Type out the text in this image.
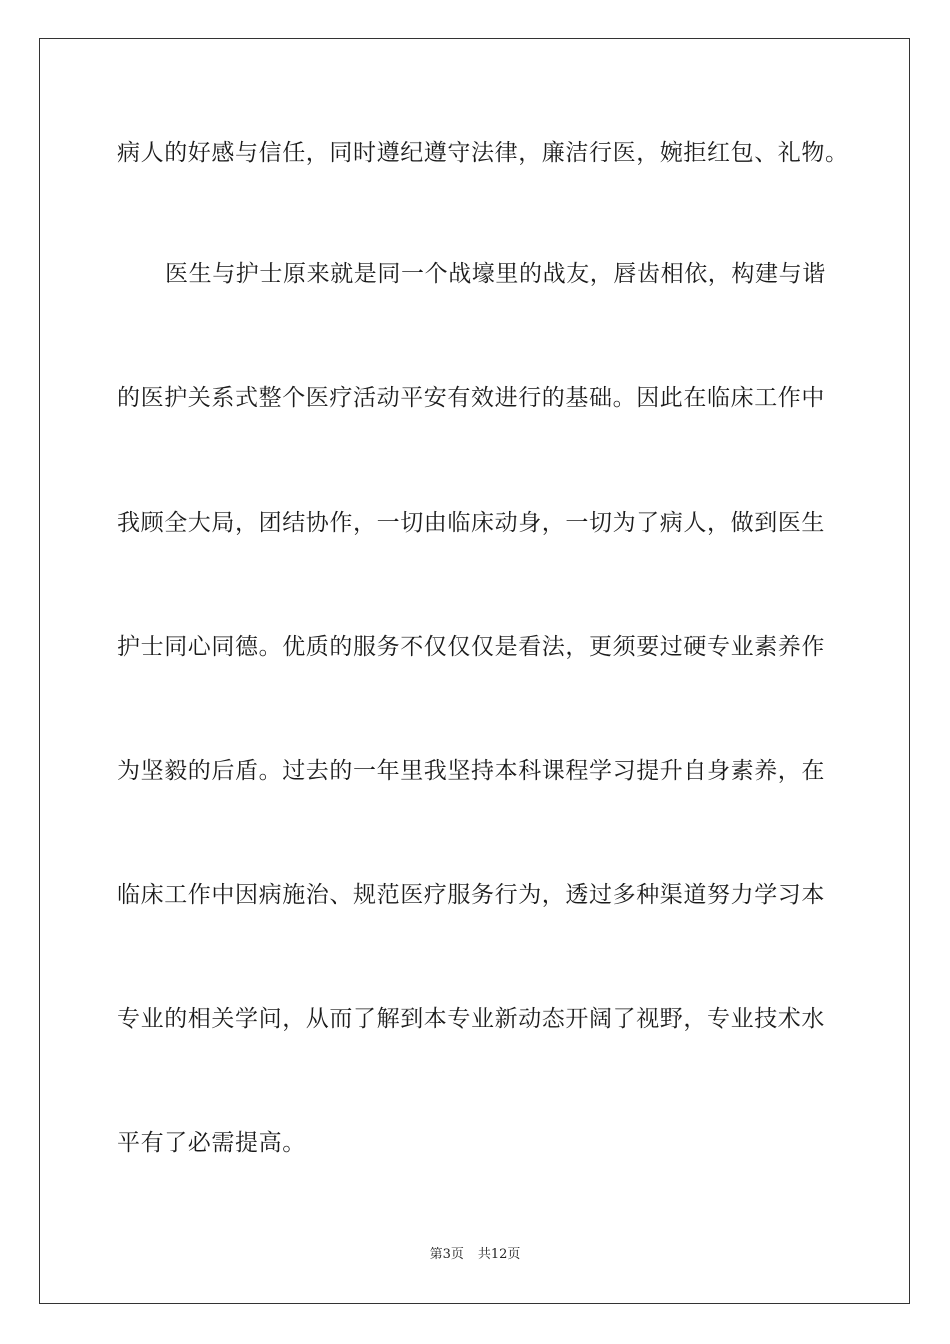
病人的好感与信任，同时遵纪遵守法律，廉洁行医，婉拒红包、礼物。
医生与护士原来就是同一个战壕里的战友，唇齿相依，构建与谐
的医护关系式整个医疗活动平安有效进行的基础。因此在临床工作中
我顾全大局，团结协作，一切由临床动身，一切为了病人，做到医生
护士同心同德。优质的服务不仅仅仅是看法，更须要过硬专业素养作
为坚毅的后盾。过去的一年里我坚持本科课程学习提升自身素养，在
临床工作中因病施治、规范医疗服务行为，透过多种渠道努力学习本
专业的相关学问，从而了解到本专业新动态开阔了视野，专业技术水
平有了必需提高。
第3页 共12页
